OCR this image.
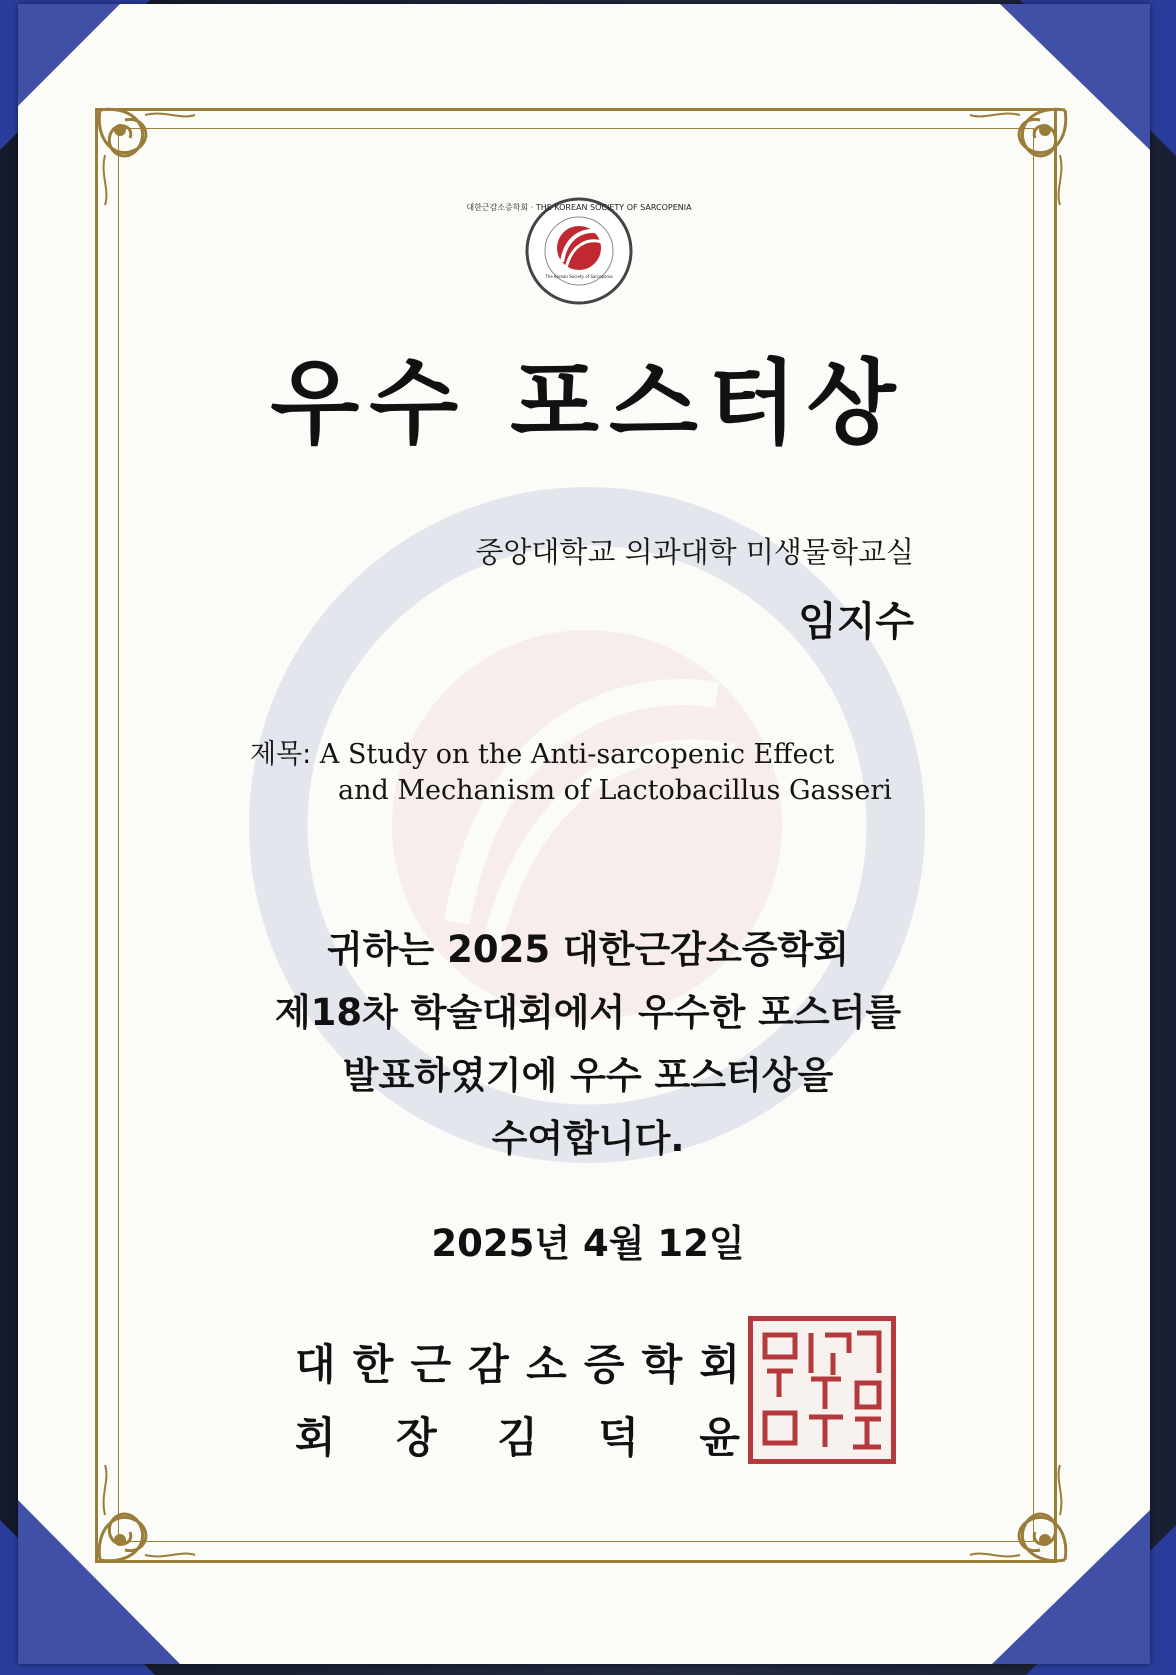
대한근감소증학회 · THE KOREAN SOCIETY OF SARCOPENIA
The Korean Society of Sarcopenia
우수 포스터상
중앙대학교 의과대학 미생물학교실
임지수
제목: A Study on the Anti-sarcopenic Effect
and Mechanism of Lactobacillus Gasseri
귀하는 2025 대한근감소증학회
제18차 학술대회에서 우수한 포스터를
발표하였기에 우수 포스터상을
수여합니다.
2025년 4월 12일
대 한 근 감 소 증 학 회
회 장 김 덕 윤
